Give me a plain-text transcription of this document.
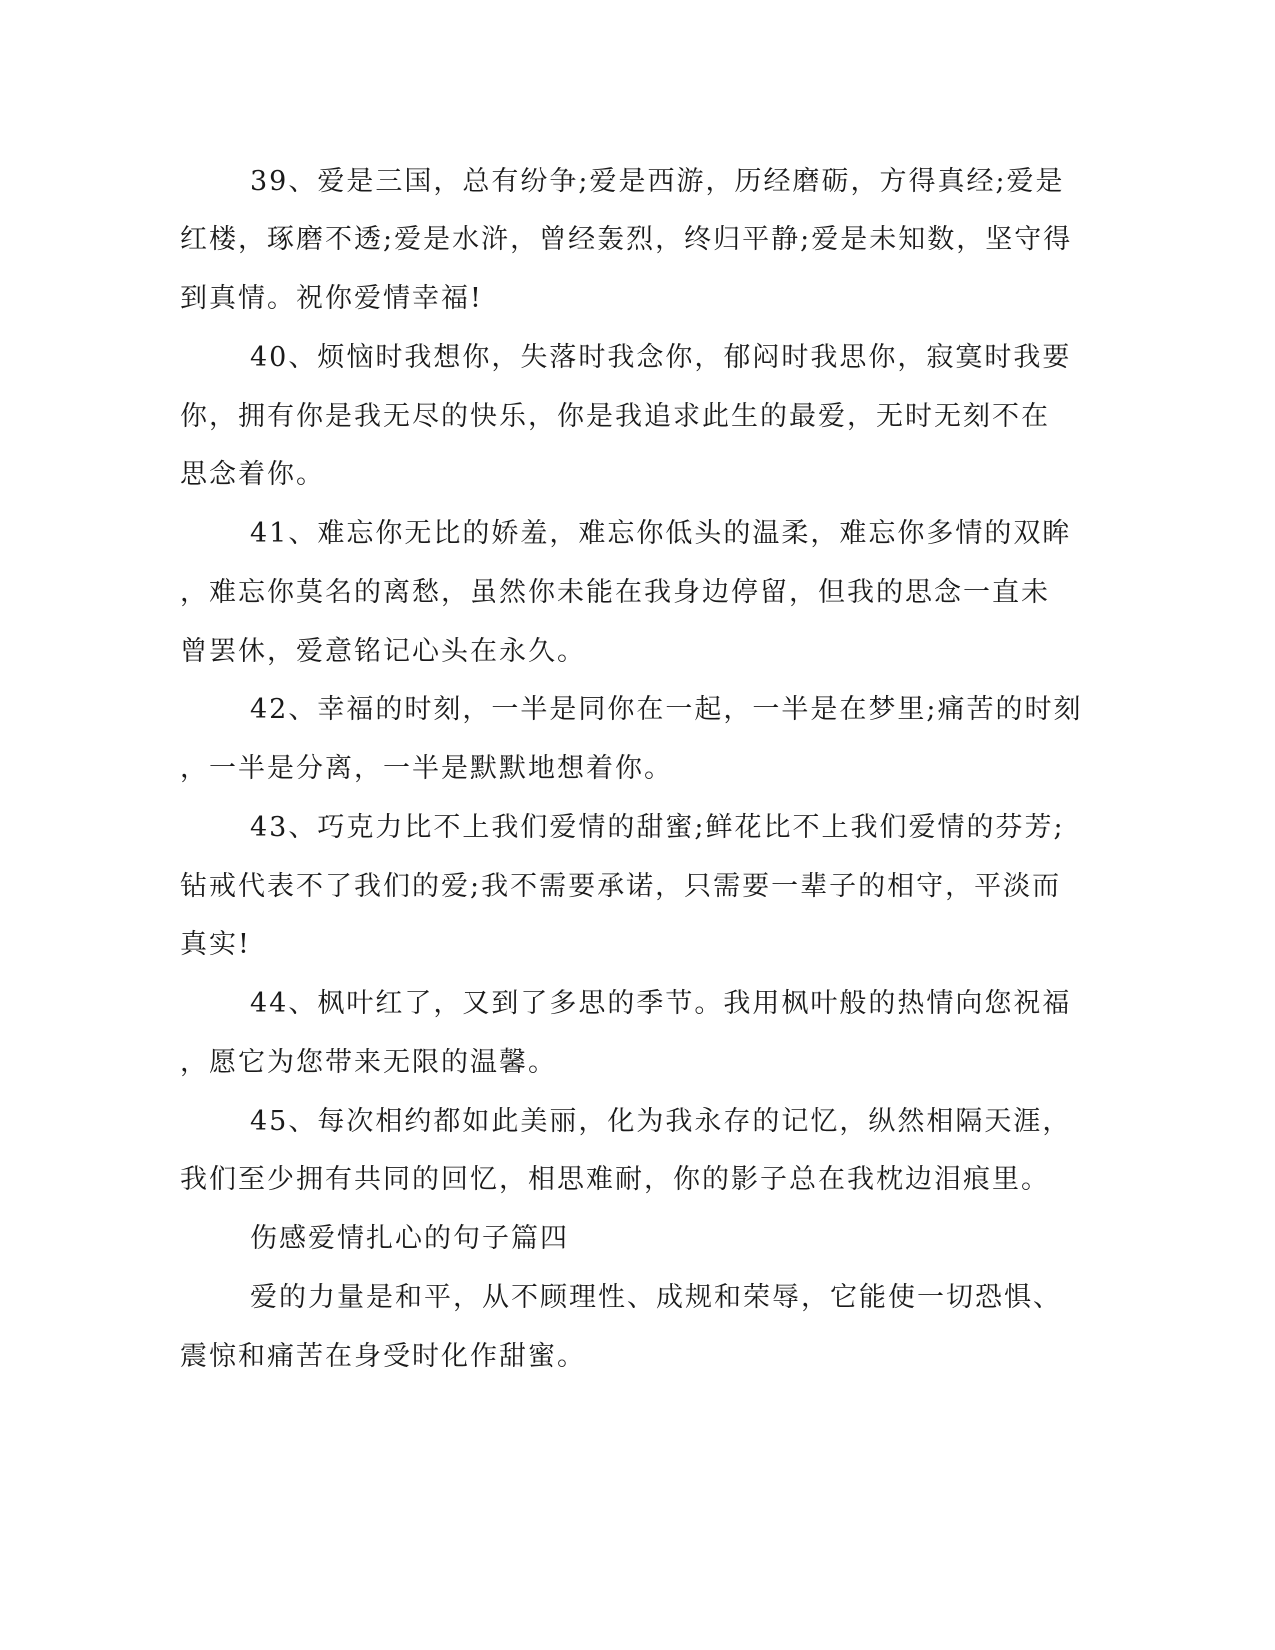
39、爱是三国，总有纷争;爱是西游，历经磨砺，方得真经;爱是
红楼，琢磨不透;爱是水浒，曾经轰烈，终归平静;爱是未知数，坚守得
到真情。祝你爱情幸福!
40、烦恼时我想你，失落时我念你，郁闷时我思你，寂寞时我要
你，拥有你是我无尽的快乐，你是我追求此生的最爱，无时无刻不在
思念着你。
41、难忘你无比的娇羞，难忘你低头的温柔，难忘你多情的双眸
，难忘你莫名的离愁，虽然你未能在我身边停留，但我的思念一直未
曾罢休，爱意铭记心头在永久。
42、幸福的时刻，一半是同你在一起，一半是在梦里;痛苦的时刻
，一半是分离，一半是默默地想着你。
43、巧克力比不上我们爱情的甜蜜;鲜花比不上我们爱情的芬芳;
钻戒代表不了我们的爱;我不需要承诺，只需要一辈子的相守，平淡而
真实!
44、枫叶红了，又到了多思的季节。我用枫叶般的热情向您祝福
，愿它为您带来无限的温馨。
45、每次相约都如此美丽，化为我永存的记忆，纵然相隔天涯，
我们至少拥有共同的回忆，相思难耐，你的影子总在我枕边泪痕里。
伤感爱情扎心的句子篇四
爱的力量是和平，从不顾理性、成规和荣辱，它能使一切恐惧、
震惊和痛苦在身受时化作甜蜜。
